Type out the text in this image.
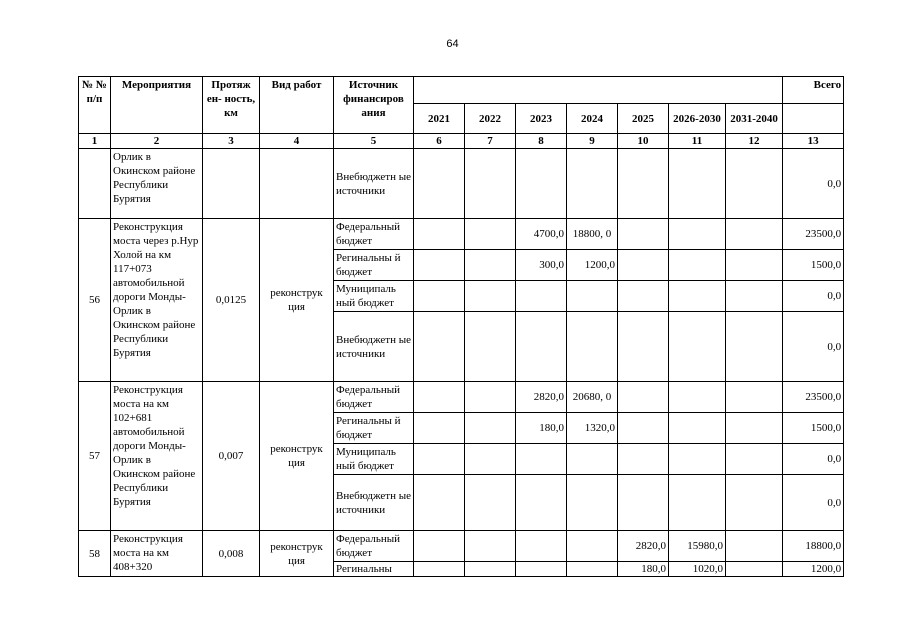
64
№ № п/п	Мероприятия	Протяж ен- ность, км	Вид работ	Источник финансиров ания								Всего
					2021	2022	2023	2024	2025	2026-2030	2031-2040	
1	2	3	4	5	6	7	8	9	10	11	12	13
	Орлик в Окинском районе Республики Бурятия			Внебюджетн ые источники								0,0
56	Реконструкция моста через р.Нур Холой на км 117+073 автомобильной дороги Монды-Орлик в Окинском районе Республики Бурятия	0,0125	реконструк ция	Федеральный бюджет			4700,0	18800, 0				23500,0
				Регинальны й бюджет			300,0	1200,0				1500,0
				Муниципаль ный бюджет								0,0
				Внебюджетн ые источники								0,0
57	Реконструкция моста на км 102+681 автомобильной дороги Монды-Орлик в Окинском районе Республики Бурятия	0,007	реконструк ция	Федеральный бюджет			2820,0	20680, 0				23500,0
				Регинальны й бюджет			180,0	1320,0				1500,0
				Муниципаль ный бюджет								0,0
				Внебюджетн ые источники								0,0
58	Реконструкция моста на км 408+320	0,008	реконструк ция	Федеральный бюджет					2820,0	15980,0		18800,0
				Регинальны					180,0	1020,0		1200,0
